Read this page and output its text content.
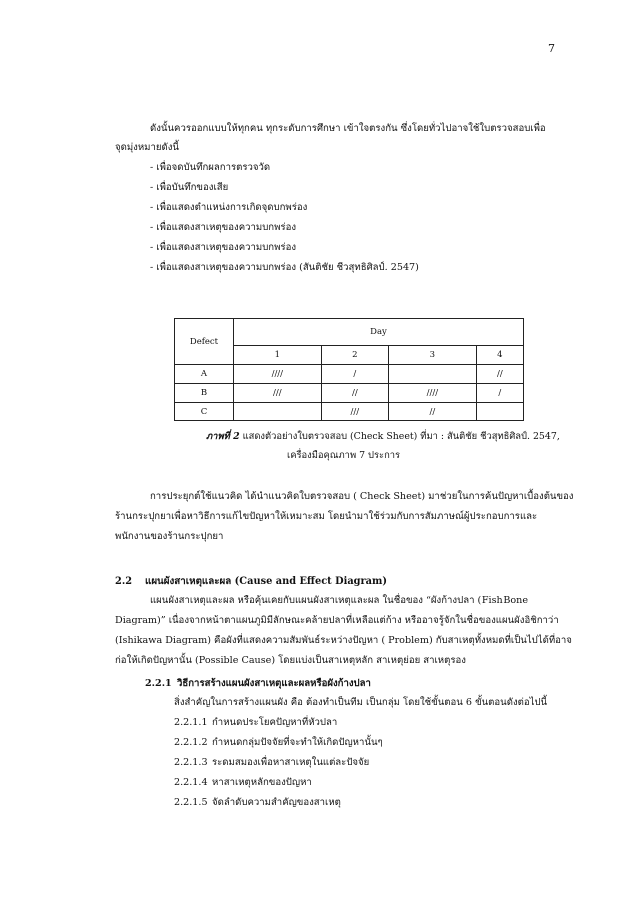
7
ดังนั้นควรออกแบบให้ทุกคน ทุกระดับการศึกษา เข้าใจตรงกัน ซึ่งโดยทั่วไปอาจใช้ใบตรวจสอบเพื่อ
จุดมุ่งหมายดังนี้
- เพื่อจดบันทึกผลการตรวจวัด
- เพื่อบันทึกของเสีย
- เพื่อแสดงตำแหน่งการเกิดจุดบกพร่อง
- เพื่อแสดงสาเหตุของความบกพร่อง
- เพื่อแสดงสาเหตุของความบกพร่อง
- เพื่อแสดงสาเหตุของความบกพร่อง (สันติชัย ชีวสุทธิศิลป์. 2547)
Defect	Day			
	1	2	3	4
A	////	/		//
B	///	//	////	/
C		///	//	
ภาพที่ 2 แสดงตัวอย่างใบตรวจสอบ (Check Sheet) ที่มา : สันติชัย ชีวสุทธิศิลป์. 2547,
เครื่องมือคุณภาพ 7 ประการ
การประยุกต์ใช้แนวคิด ได้นำแนวคิดใบตรวจสอบ ( Check Sheet) มาช่วยในการค้นปัญหาเบื้องต้นของ
ร้านกระปุกยาเพื่อหาวิธีการแก้ไขปัญหาให้เหมาะสม โดยนำมาใช้ร่วมกับการสัมภาษณ์ผู้ประกอบการและ
พนักงานของร้านกระปุกยา
2.2 แผนผังสาเหตุและผล (Cause and Effect Diagram)
แผนผังสาเหตุและผล หรือคุ้นเคยกับแผนผังสาเหตุและผล ในชื่อของ “ผังก้างปลา ( Fish Bone
Diagram)” เนื่องจากหน้าตาแผนภูมิมีลักษณะคล้ายปลาที่เหลือแต่ก้าง หรืออาจรู้จักในชื่อของแผนผังอิชิกาว่า
(Ishikawa Diagram) คือผังที่แสดงความสัมพันธ์ระหว่างปัญหา ( Problem) กับสาเหตุทั้งหมดที่เป็นไปได้ที่อาจ
ก่อให้เกิดปัญหานั้น (Possible Cause) โดยแบ่งเป็นสาเหตุหลัก สาเหตุย่อย สาเหตุรอง
2.2.1 วิธีการสร้างแผนผังสาเหตุและผลหรือผังก้างปลา
สิ่งสำคัญในการสร้างแผนผัง คือ ต้องทำเป็นทีม เป็นกลุ่ม โดยใช้ขั้นตอน 6 ขั้นตอนดังต่อไปนี้
2.2.1.1 กำหนดประโยคปัญหาที่หัวปลา
2.2.1.2 กำหนดกลุ่มปัจจัยที่จะทำให้เกิดปัญหานั้นๆ
2.2.1.3 ระดมสมองเพื่อหาสาเหตุในแต่ละปัจจัย
2.2.1.4 หาสาเหตุหลักของปัญหา
2.2.1.5 จัดลำดับความสำคัญของสาเหตุ
